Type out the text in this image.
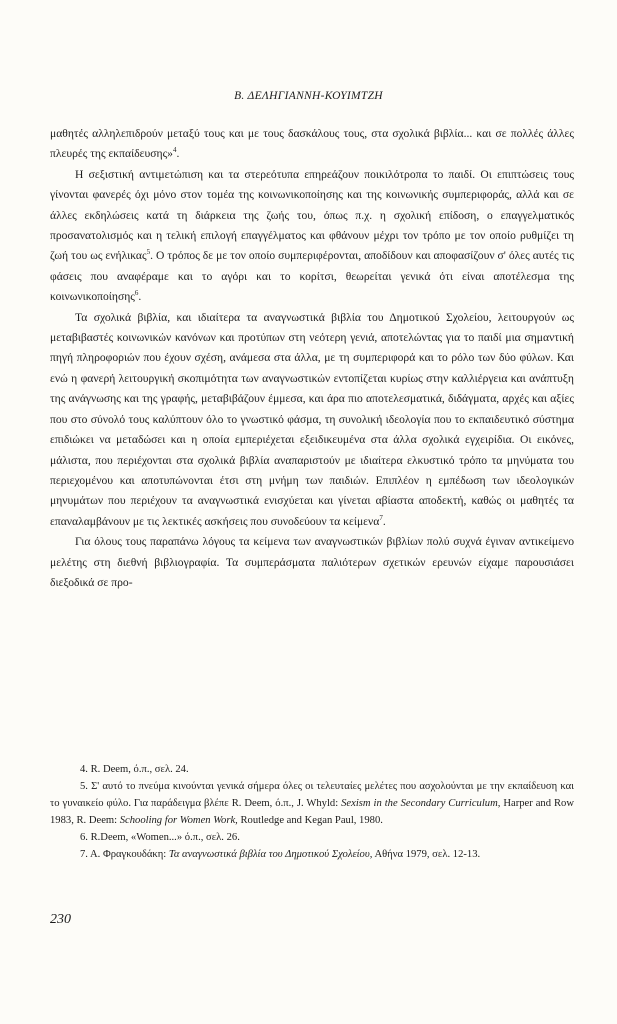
Β. ΔΕΛΗΓΙΑΝΝΗ-ΚΟΥΙΜΤΖΗ

μαθητές αλληλεπιδρούν μεταξύ τους και με τους δασκάλους τους, στα σχολικά βιβλία... και σε πολλές άλλες πλευρές της εκπαίδευσης»$^4$.

Η σεξιστική αντιμετώπιση και τα στερεότυπα επηρεάζουν ποικιλότροπα το παιδί. Οι επιπτώσεις τους γίνονται φανερές όχι μόνο στον τομέα της κοινωνικοποίησης και της κοινωνικής συμπεριφοράς, αλλά και σε άλλες εκδηλώσεις κατά τη διάρκεια της ζωής του, όπως π.χ. η σχολική επίδοση, ο επαγγελματικός προσανατολισμός και η τελική επιλογή επαγγέλματος και φθάνουν μέχρι τον τρόπο με τον οποίο ρυθμίζει τη ζωή του ως ενήλικας$^5$. Ο τρόπος δε με τον οποίο συμπεριφέρονται, αποδίδουν και αποφασίζουν σ' όλες αυτές τις φάσεις που αναφέραμε και το αγόρι και το κορίτσι, θεωρείται γενικά ότι είναι αποτέλεσμα της κοινωνικοποίησης$^6$.

Τα σχολικά βιβλία, και ιδιαίτερα τα αναγνωστικά βιβλία του Δημοτικού Σχολείου, λειτουργούν ως μεταβιβαστές κοινωνικών κανόνων και προτύπων στη νεότερη γενιά, αποτελώντας για το παιδί μια σημαντική πηγή πληροφοριών που έχουν σχέση, ανάμεσα στα άλλα, με τη συμπεριφορά και το ρόλο των δύο φύλων. Και ενώ η φανερή λειτουργική σκοπιμότητα των αναγνωστικών εντοπίζεται κυρίως στην καλλιέργεια και ανάπτυξη της ανάγνωσης και της γραφής, μεταβιβάζουν έμμεσα, και άρα πιο αποτελεσματικά, διδάγματα, αρχές και αξίες που στο σύνολό τους καλύπτουν όλο το γνωστικό φάσμα, τη συνολική ιδεολογία που το εκπαιδευτικό σύστημα επιδιώκει να μεταδώσει και η οποία εμπεριέχεται εξειδικευμένα στα άλλα σχολικά εγχειρίδια. Οι εικόνες, μάλιστα, που περιέχονται στα σχολικά βιβλία αναπαριστούν με ιδιαίτερα ελκυστικό τρόπο τα μηνύματα του περιεχομένου και αποτυπώνονται έτσι στη μνήμη των παιδιών. Επιπλέον η εμπέδωση των ιδεολογικών μηνυμάτων που περιέχουν τα αναγνωστικά ενισχύεται και γίνεται αβίαστα αποδεκτή, καθώς οι μαθητές τα επαναλαμβάνουν με τις λεκτικές ασκήσεις που συνοδεύουν τα κείμενα$^7$.

Για όλους τους παραπάνω λόγους τα κείμενα των αναγνωστικών βιβλίων πολύ συχνά έγιναν αντικείμενο μελέτης στη διεθνή βιβλιογραφία. Τα συμπεράσματα παλιότερων σχετικών ερευνών είχαμε παρουσιάσει διεξοδικά σε προ-

4. R. Deem, ό.π., σελ. 24.

5. Σ' αυτό το πνεύμα κινούνται γενικά σήμερα όλες οι τελευταίες μελέτες που ασχολούνται με την εκπαίδευση και το γυναικείο φύλο. Για παράδειγμα βλέπε R. Deem, ό.π., J. Whyld: Sexism in the Secondary Curriculum, Harper and Row 1983, R. Deem: Schooling for Women Work, Routledge and Kegan Paul, 1980.

6. R.Deem, «Women...» ό.π., σελ. 26.

7. Α. Φραγκουδάκη: Τα αναγνωστικά βιβλία του Δημοτικού Σχολείου, Αθήνα 1979, σελ. 12-13.

230
